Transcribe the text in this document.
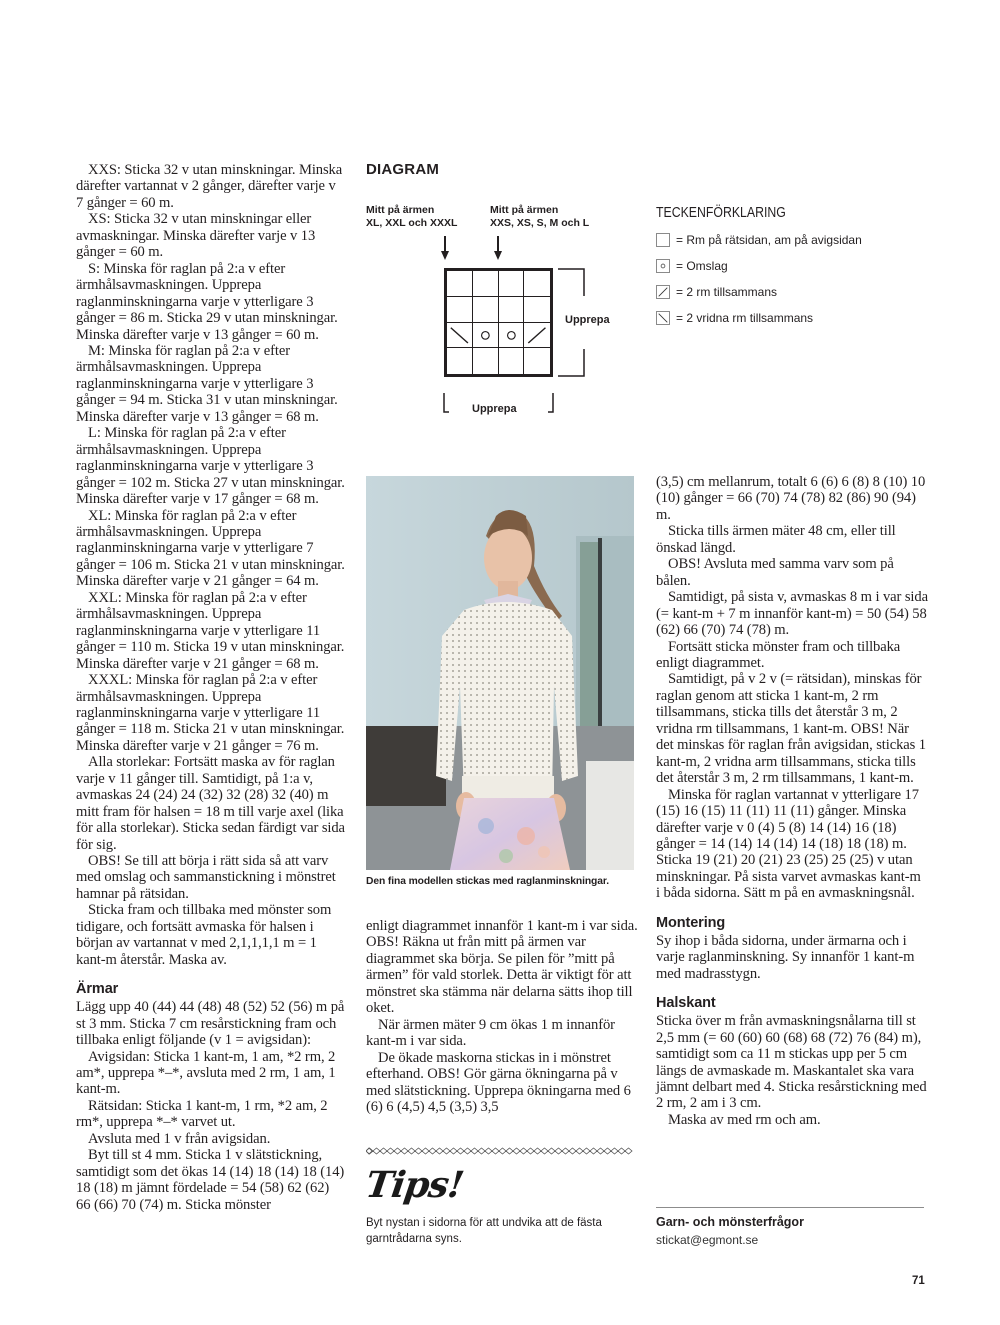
XXS: Sticka 32 v utan minskningar. Minska därefter vartannat v 2 gånger, därefter varje v 7 gånger = 60 m.

XS: Sticka 32 v utan minskningar eller avmaskningar. Minska därefter varje v 13 gånger = 60 m.

S: Minska för raglan på 2:a v efter ärmhålsavmaskningen. Upprepa raglanminskningarna varje v ytterligare 3 gånger = 86 m. Sticka 29 v utan minskningar. Minska därefter varje v 13 gånger = 60 m.

M: Minska för raglan på 2:a v efter ärmhålsavmaskningen. Upprepa raglanminskningarna varje v ytterligare 3 gånger = 94 m. Sticka 31 v utan minskningar. Minska därefter varje v 13 gånger = 68 m.

L: Minska för raglan på 2:a v efter ärmhålsavmaskningen. Upprepa raglanminskningarna varje v ytterligare 3 gånger = 102 m. Sticka 27 v utan minskningar. Minska därefter varje v 17 gånger = 68 m.

XL: Minska för raglan på 2:a v efter ärmhålsavmaskningen. Upprepa raglanminskningarna varje v ytterligare 7 gånger = 106 m. Sticka 21 v utan minskningar. Minska därefter varje v 21 gånger = 64 m.

XXL: Minska för raglan på 2:a v efter ärmhålsavmaskningen. Upprepa raglanminskningarna varje v ytterligare 11 gånger = 110 m. Sticka 19 v utan minskningar. Minska därefter varje v 21 gånger = 68 m.

XXXL: Minska för raglan på 2:a v efter ärmhålsavmaskningen. Upprepa raglanminskningarna varje v ytterligare 11 gånger = 118 m. Sticka 21 v utan minskningar. Minska därefter varje v 21 gånger = 76 m.

Alla storlekar: Fortsätt maska av för raglan varje v 11 gånger till. Samtidigt, på 1:a v, avmaskas 24 (24) 24 (32) 32 (28) 32 (40) m mitt fram för halsen = 18 m till varje axel (lika för alla storlekar). Sticka sedan färdigt var sida för sig.

OBS! Se till att börja i rätt sida så att varv med omslag och sammanstickning i mönstret hamnar på rätsidan.

Sticka fram och tillbaka med mönster som tidigare, och fortsätt avmaska för halsen i början av vartannat v med 2,1,1,1,1 m = 1 kant-m återstår. Maska av.

Ärmar

Lägg upp 40 (44) 44 (48) 48 (52) 52 (56) m på st 3 mm. Sticka 7 cm resårstickning fram och tillbaka enligt följande (v 1 = avigsidan):

Avigsidan: Sticka 1 kant-m, 1 am, *2 rm, 2 am*, upprepa *–*, avsluta med 2 rm, 1 am, 1 kant-m.

Rätsidan: Sticka 1 kant-m, 1 rm, *2 am, 2 rm*, upprepa *–* varvet ut.

Avsluta med 1 v från avigsidan.

Byt till st 4 mm. Sticka 1 v slätstickning, samtidigt som det ökas 14 (14) 18 (14) 18 (14) 18 (18) m jämnt fördelade = 54 (58) 62 (62) 66 (66) 70 (74) m. Sticka mönster

DIAGRAM
Mitt på ärmen
XL, XXL och XXXL
Mitt på ärmen
XXS, XS, S, M och L
Upprepa
Upprepa
TECKENFÖRKLARING
= Rm på rätsidan, am på avigsidan
= Omslag
= 2 rm tillsammans
= 2 vridna rm tillsammans
Den fina modellen stickas med raglanminskningar.

enligt diagrammet innanför 1 kant-m i var sida. OBS! Räkna ut från mitt på ärmen var diagrammet ska börja. Se pilen för ”mitt på ärmen” för vald storlek. Detta är viktigt för att mönstret ska stämma när delarna sätts ihop till oket.

När ärmen mäter 9 cm ökas 1 m innanför kant-m i var sida.

De ökade maskorna stickas in i mönstret efterhand. OBS! Gör gärna ökningarna på v med slätstickning. Upprepa ökningarna med 6 (6) 6 (4,5) 4,5 (3,5) 3,5

Tips!
Byt nystan i sidorna för att undvika att de fästa garntrådarna syns.

(3,5) cm mellanrum, totalt 6 (6) 6 (8) 8 (10) 10 (10) gånger = 66 (70) 74 (78) 82 (86) 90 (94) m.

Sticka tills ärmen mäter 48 cm, eller till önskad längd.

OBS! Avsluta med samma varv som på bålen.

Samtidigt, på sista v, avmaskas 8 m i var sida (= kant-m + 7 m innanför kant-m) = 50 (54) 58 (62) 66 (70) 74 (78) m.

Fortsätt sticka mönster fram och tillbaka enligt diagrammet.

Samtidigt, på v 2 v (= rätsidan), minskas för raglan genom att sticka 1 kant-m, 2 rm tillsammans, sticka tills det återstår 3 m, 2 vridna rm tillsammans, 1 kant-m. OBS! När det minskas för raglan från avigsidan, stickas 1 kant-m, 2 vridna arm tillsammans, sticka tills det återstår 3 m, 2 rm tillsammans, 1 kant-m.

Minska för raglan vartannat v ytterligare 17 (15) 16 (15) 11 (11) 11 (11) gånger. Minska därefter varje v 0 (4) 5 (8) 14 (14) 16 (18) gånger = 14 (14) 14 (14) 14 (18) 18 (18) m. Sticka 19 (21) 20 (21) 23 (25) 25 (25) v utan minskningar. På sista varvet avmaskas kant-m i båda sidorna. Sätt m på en avmaskningsnål.

Montering

Sy ihop i båda sidorna, under ärmarna och i varje raglanminskning. Sy innanför 1 kant-m med madrasstygn.

Halskant

Sticka över m från avmaskningsnålarna till st 2,5 mm (= 60 (60) 60 (68) 68 (72) 76 (84) m), samtidigt som ca 11 m stickas upp per 5 cm längs de avmaskade m. Maskantalet ska vara jämnt delbart med 4. Sticka resårstickning med 2 rm, 2 am i 3 cm.

Maska av med rm och am.

Garn- och mönsterfrågor
stickat@egmont.se
71
